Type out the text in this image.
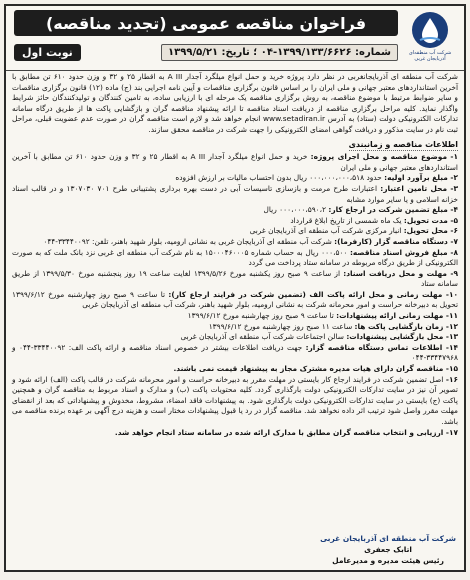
شرکت آب منطقه‌ای آذربایجان غربی
فراخوان مناقصه عمومی (تجدید مناقصه)
شماره: ۱۳۹۹/۱۳۳/۶۶۲۶-۰۴ ؛ تاریخ: ۱۳۹۹/۵/۲۱
نوبت اول

شرکت آب منطقه ای آذربایجانغربی در نظر دارد پروژه خرید و حمل انواع میلگرد آجدار A III به اقطار ۲۵ و ۳۲ و وزن حدود ۶۱۰ تن مطابق با آخرین استانداردهای معتبر جهانی و ملی ایران را بر اساس قانون برگزاری مناقصات و آیین نامه اجرایی بند (ج) ماده (۱۲) قانون برگزاری مناقصات و سایر ضوابط مرتبط با موضوع مناقصه، به روش برگزاری مناقصه یک مرحله ای با ارزیابی ساده، به تامین کنندگان و تولیدکنندگان حائز شرایط واگذار نماید. کلیه مراحل برگزاری مناقصه از دریافت اسناد مناقصه تا ارائه پیشنهاد مناقصه گران و بازگشایی پاکت ها از طریق درگاه سامانه تدارکات الکترونیکی دولت (ستاد) به آدرس www.setadiran.ir انجام خواهد شد و لازم است مناقصه گران در صورت عدم عضویت قبلی، مراحل ثبت نام در سایت مذکور و دریافت گواهی امضای الکترونیکی را جهت شرکت در مناقصه محقق سازند.

اطلاعات مناقصه و زمانبندی

۱- موضوع مناقصه و محل اجرای پروژه: خرید و حمل انواع میلگرد آجدار A III به اقطار ۲۵ و ۳۲ و وزن حدود ۶۱۰ تن مطابق با آخرین استانداردهای معتبر جهانی و ملی ایران

۲- مبلغ برآورد اولیه: حدود ۰۰۰،۰۰۰،۰۰۰،۵۱۸ ریال بدون احتساب مالیات بر ارزش افزوده

۳- محل تامین اعتبار: اعتبارات طرح مرمت و بازسازی تاسیسات آبی در دست بهره برداری پشتیبانی طرح ۷۰۱ ۱۳۰۷۰۳۰ و در قالب اسناد خزانه اسلامی و یا سایر موارد مشابه

۴- مبلغ تضمین شرکت در ارجاع کار: ۰۰۰،۰۰۰،۵۹۰،۲ ریال

۵- مدت تحویل: یک ماه شمسی از تاریخ ابلاغ قرارداد

۶- محل تحویل: انبار مرکزی شرکت آب منطقه ای آذربایجان غربی

۷- دستگاه مناقصه گزار (کارفرما): شرکت آب منطقه ای آذربایجان غربی به نشانی ارومیه، بلوار شهید باهنر، تلفن: ۳۳۴۴۰۰۹۲-۰۴۴

۸- مبلغ فروش اسناد مناقصه: ۰۰۰،۵۰۰ ریال به حساب شماره ۱۵۰۰۰۴۶۰۰۰۵ به نام شرکت آب منطقه ای غربی نزد بانک ملت که به صورت الکترونیکی از طریق درگاه مربوطه در سامانه ستاد پرداخت می گردد

۹- مهلت و محل دریافت اسناد: از ساعت ۹ صبح روز یکشنبه مورخ ۱۳۹۹/۵/۲۶ لغایت ساعت ۱۹ روز پنجشنبه مورخ ۱۳۹۹/۵/۳۰ از طریق سامانه ستاد

۱۰- مهلت زمانی و محل ارائه پاکت الف (تضمین شرکت در فرایند ارجاع کار): تا ساعت ۹ صبح روز چهارشنبه مورخ ۱۳۹۹/۶/۱۲ تحویل به دبیرخانه حراست و امور محرمانه شرکت به نشانی ارومیه، بلوار شهید باهنر، شرکت آب منطقه ای آذربایجان غربی

۱۱- مهلت زمانی ارائه پیشنهادات: تا ساعت ۹ صبح روز چهارشنبه مورخ ۱۳۹۹/۶/۱۲

۱۲- زمان بازگشایی پاکت ها: ساعت ۱۱ صبح روز چهارشنبه مورخ ۱۳۹۹/۶/۱۲

۱۳- محل بازگشایی پیشنهادات: سالن اجتماعات شرکت آب منطقه ای آذربایجان غربی

۱۴- اطلاعات تماس دستگاه مناقصه گزار: جهت دریافت اطلاعات بیشتر در خصوص اسناد مناقصه و ارائه پاکت الف: ۳۳۴۴۰۰۹۲-۰۴۴ و ۳۳۴۴۷۹۶۸-۰۴۴

۱۵- مناقصه گران دارای هیات مدیره مشترک مجاز به پیشنهاد قیمت نمی باشند.

۱۶- اصل تضمین شرکت در فرایند ارجاع کار بایستی در مهلت مقرر به دبیرخانه حراست و امور محرمانه شرکت در قالب پاکت (الف) ارائه شود و تصویر آن نیز در سایت تدارکات الکترونیکی دولت بارگذاری گردد. کلیه محتویات پاکت (ب) و مدارک و اسناد مربوط به مناقصه گران و همچنین پاکت (ج) بایستی در سایت تدارکات الکترونیکی دولت بارگذاری شود. به پیشنهادات فاقد امضاء، مشروط، مخدوش و پیشنهاداتی که بعد از انقضای مهلت مقرر واصل شود ترتیب اثر داده نخواهد شد. مناقصه گزار در رد یا قبول پیشنهادات مختار است و هزینه درج آگهی بر عهده برنده مناقصه می باشد.

۱۷- ارزیابی و انتخاب مناقصه گران مطابق با مدارک ارائه شده در سامانه ستاد انجام خواهد شد.

شرکت آب منطقه ای آذربایجان غربی
اتابک جعفری
رئیس هیئت مدیره و مدیرعامل
